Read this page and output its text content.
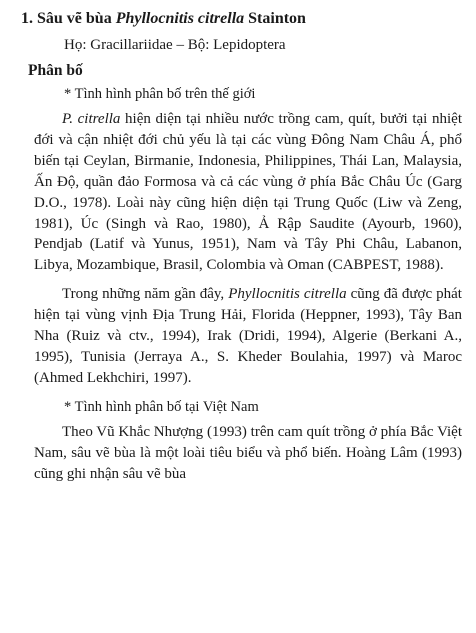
1. Sâu vẽ bùa Phyllocnitis citrella Stainton
Họ: Gracillariidae – Bộ: Lepidoptera
Phân bố
* Tình hình phân bố trên thế giới

P. citrella hiện diện tại nhiều nước trồng cam, quít, bưởi tại nhiệt đới và cận nhiệt đới chủ yếu là tại các vùng Đông Nam Châu Á, phổ biến tại Ceylan, Birmanie, Indonesia, Philippines, Thái Lan, Malaysia, Ấn Độ, quần đảo Formosa và cả các vùng ở phía Bắc Châu Úc (Garg D.O., 1978). Loài này cũng hiện diện tại Trung Quốc (Liw và Zeng, 1981), Úc (Singh và Rao, 1980), Ả Rập Saudite (Ayourb, 1960), Pendjab (Latif và Yunus, 1951), Nam và Tây Phi Châu, Labanon, Libya, Mozambique, Brasil, Colombia và Oman (CABPEST, 1988).

Trong những năm gần đây, Phyllocnitis citrella cũng đã được phát hiện tại vùng vịnh Địa Trung Hải, Florida (Heppner, 1993), Tây Ban Nha (Ruiz và ctv., 1994), Irak (Dridi, 1994), Algerie (Berkani A., 1995), Tunisia (Jerraya A., S. Kheder Boulahia, 1997) và Maroc (Ahmed Lekhchiri, 1997).

* Tình hình phân bố tại Việt Nam

Theo Vũ Khắc Nhượng (1993) trên cam quít trồng ở phía Bắc Việt Nam, sâu vẽ bùa là một loài tiêu biểu và phổ biến. Hoàng Lâm (1993) cũng ghi nhận sâu vẽ bùa
